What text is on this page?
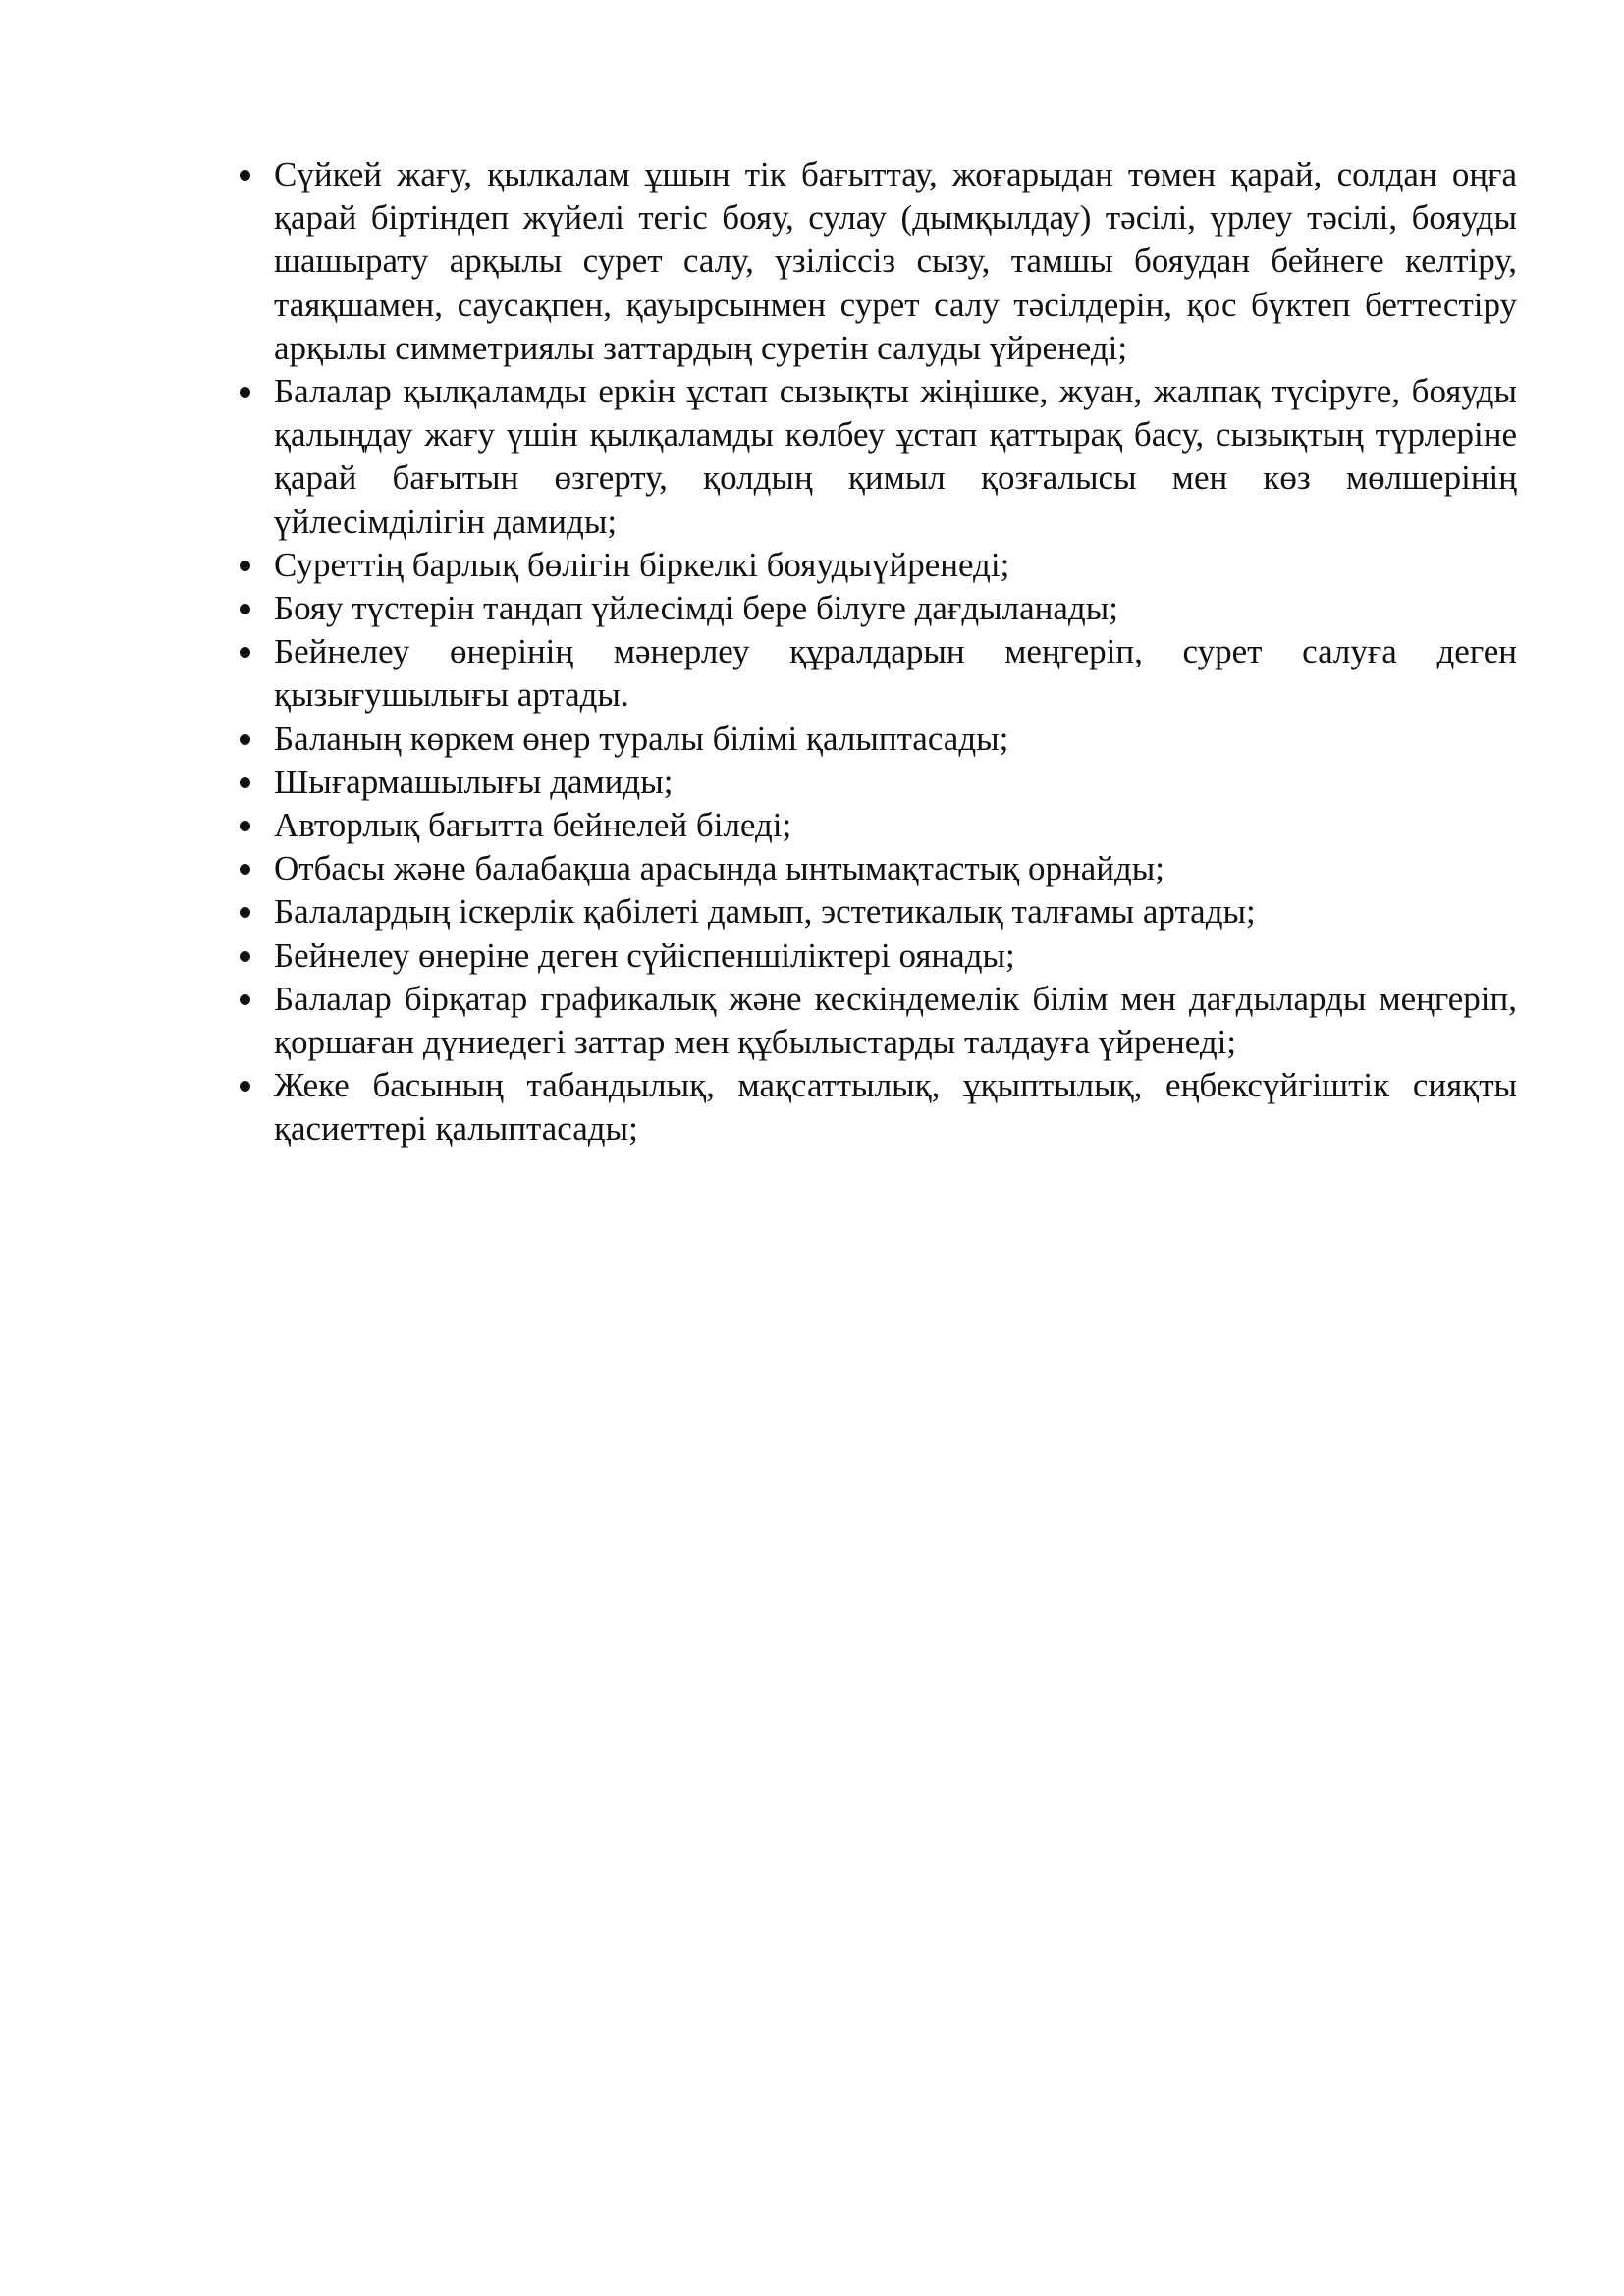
Сүйкей жағу, қылкалам ұшын тік бағыттау, жоғарыдан төмен қарай, солдан оңға қарай біртіндеп жүйелі тегіс бояу, сулау (дымқылдау) тәсілі, үрлеу тәсілі, бояуды шашырату арқылы сурет салу, үзіліссіз сызу, тамшы бояудан бейнеге келтіру, таяқшамен, саусақпен, қауырсынмен сурет салу тәсілдерін, қос бүктеп беттестіру арқылы симметриялы заттардың суретін салуды үйренеді;
Балалар қылқаламды еркін ұстап сызықты жіңішке, жуан, жалпақ түсіруге, бояуды қалыңдау жағу үшін қылқаламды көлбеу ұстап қаттырақ басу, сызықтың түрлеріне қарай бағытын өзгерту, қолдың қимыл қозғалысы мен көз мөлшерінің үйлесімділігін дамиды;
Суреттің барлық бөлігін біркелкі бояудыүйренеді;
Бояу түстерін тандап үйлесімді бере білуге дағдыланады;
Бейнелеу өнерінің мәнерлеу құралдарын меңгеріп, сурет салуға деген қызығушылығы артады.
Баланың көркем өнер туралы білімі қалыптасады;
Шығармашылығы дамиды;
Авторлық бағытта бейнелей біледі;
Отбасы және балабақша арасында ынтымақтастық орнайды;
Балалардың іскерлік қабілеті дамып, эстетикалық талғамы артады;
Бейнелеу өнеріне деген сүйіспеншіліктері оянады;
Балалар бірқатар графикалық және кескіндемелік білім мен дағдыларды меңгеріп, қоршаған дүниедегі заттар мен құбылыстарды талдауға үйренеді;
Жеке басының табандылық, мақсаттылық, ұқыптылық, еңбексүйгіштік сияқты қасиеттері қалыптасады;
